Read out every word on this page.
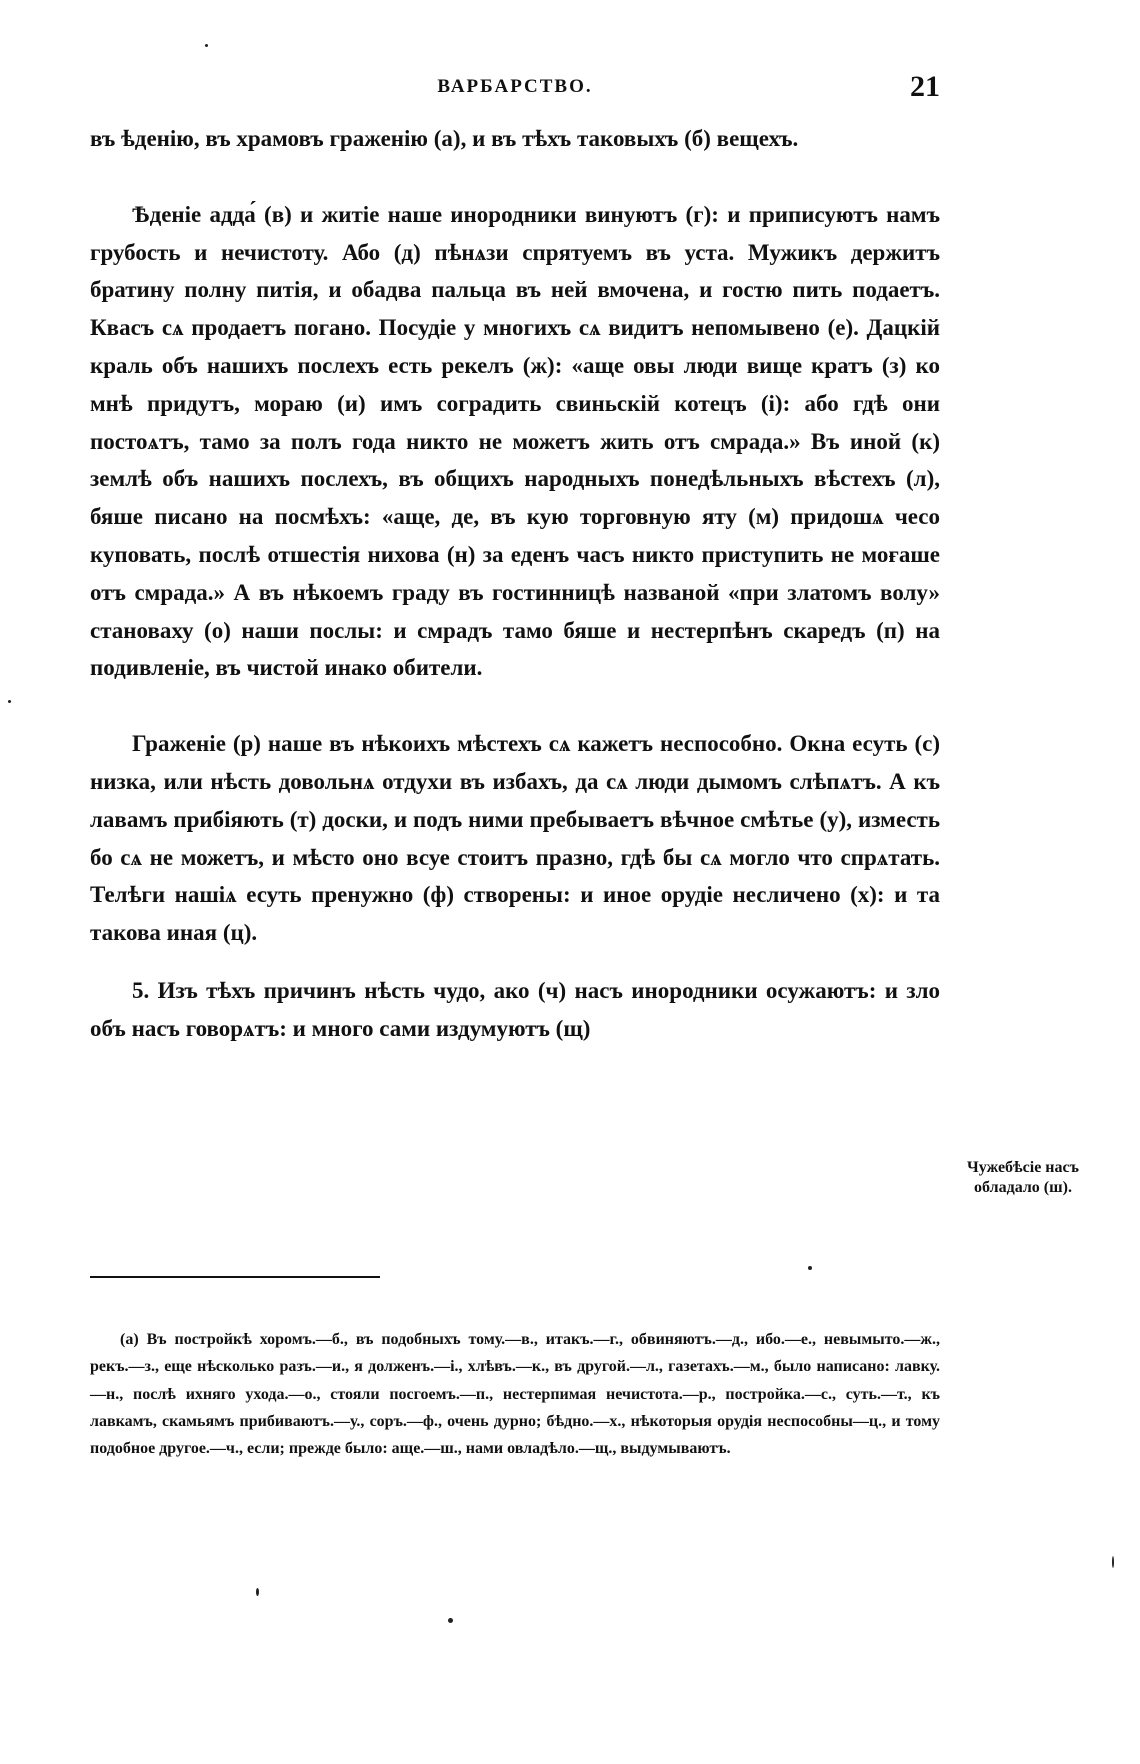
ВАРБАРСТВО.	21

въ ѣденію, въ храмовъ граженію (а), и въ тѣхъ таковыхъ (б) вещехъ.

Ѣденіе адда́ (в) и житіе наше инородники винуютъ (г): и приписуютъ намъ грубость и нечистоту. Або (д) пѣнѧзи спрятуемъ въ уста. Мужикъ держитъ братину полну питія, и обадва пальца въ ней вмочена, и гостю пить подаетъ. Квасъ сѧ продаетъ погано. Посудіе у многихъ сѧ видитъ непомывено (е). Дацкій краль объ нашихъ послехъ есть рекелъ (ж): «аще овы люди вище кратъ (з) ко мнѣ придутъ, мораю (и) имъ соградить свиньскій котецъ (і): або гдѣ они постоѧтъ, тамо за полъ года никто не можетъ жить отъ смрада.» Въ иной (к) землѣ объ нашихъ послехъ, въ общихъ народныхъ понедѣльныхъ вѣстехъ (л), бяше писано на посмѣхъ: «аще, де, въ кую торговную яту (м) придошѧ чесо куповать, послѣ отшестія нихова (н) за еденъ часъ никто приступить не моғаше отъ смрада.» А въ нѣкоемъ граду въ гостинницѣ названой «при златомъ волу» становаху (о) наши послы: и смрадъ тамо бяше и нестерпѣнъ скаредъ (п) на подивленіе, въ чистой инако обители.

Граженіе (р) наше въ нѣкоихъ мѣстехъ сѧ кажетъ неспособно. Окна есуть (с) низка, или нѣсть довольнѧ отдухи въ избахъ, да сѧ люди дымомъ слѣпѧтъ. А къ лавамъ прибіяють (т) доски, и подъ ними пребываетъ вѣчное смѣтье (у), изместь бо сѧ не можетъ, и мѣсто оно всуе стоитъ празно, гдѣ бы сѧ могло что спрѧтать. Телѣги нашіѧ есуть пренужно (ф) створены: и иное орудіе несличено (х): и та такова иная (ц).

5. Изъ тѣхъ причинъ нѣсть чудо, ако (ч) насъ инородники осужаютъ: и зло объ насъ говорѧтъ: и много сами издумуютъ (щ)

Чужебѣсіе насъ
обладало (ш).

(а) Въ постройкѣ хоромъ.—б., въ подобныхъ тому.—в., итакъ.—г., обвиняютъ.—д., ибо.—е., невымыто.—ж., рекъ.—з., еще нѣсколько разъ.—и., я долженъ.—і., хлѣвъ.—к., въ другой.—л., газетахъ.—м., было написано: лавку.—н., послѣ ихняго ухода.—о., стояли посгоемъ.—п., нестерпимая нечистота.—р., постройка.—с., суть.—т., къ лавкамъ, скамьямъ прибиваютъ.—у., соръ.—ф., очень дурно; бѣдно.—х., нѣкоторыя орудія неспособны—ц., и тому подобное другое.—ч., если; прежде было: аще.—ш., нами овладѣло.—щ., выдумываютъ.
